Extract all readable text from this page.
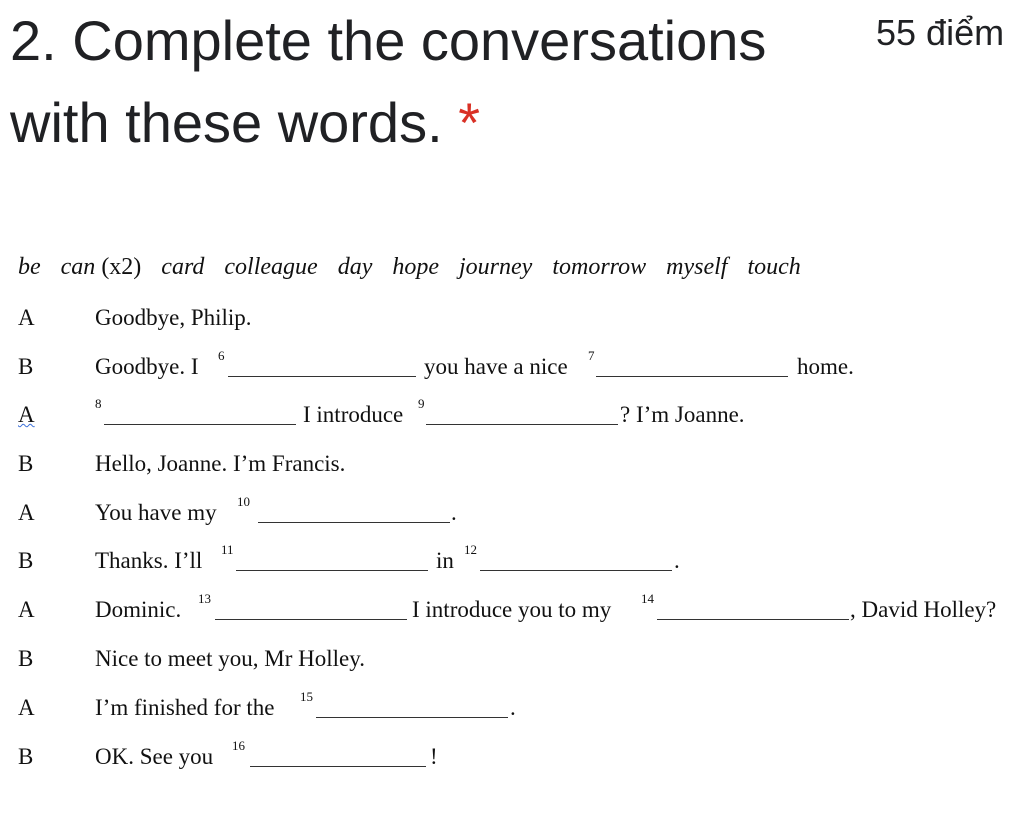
2. Complete the conversations
with these words. *
55 điểm
be can (x2) card colleague day hope journey tomorrow myself touch
A	Goodbye, Philip.
B	Goodbye. I 6	you have a nice 7	home.
A	8	I introduce 9	? I’m Joanne.
B	Hello, Joanne. I’m Francis.
A	You have my 10	.
B	Thanks. I’ll 11	in 12	.
A	Dominic. 13	I introduce you to my 14	, David Holley?
B	Nice to meet you, Mr Holley.
A	I’m finished for the 15	.
B	OK. See you 16	!
